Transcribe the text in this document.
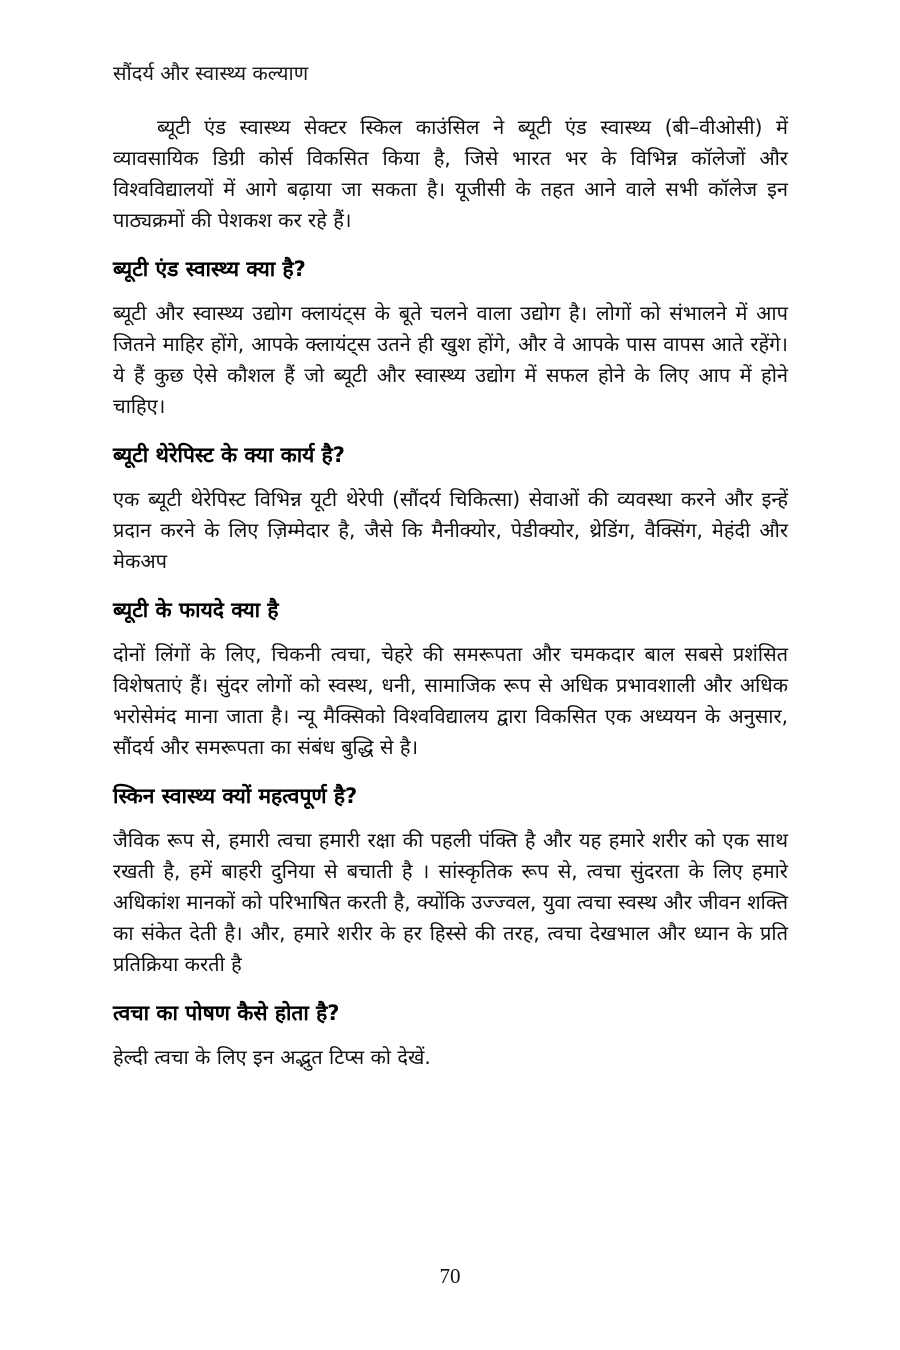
सौंदर्य और स्वास्थ्य कल्याण

ब्यूटी एंड स्वास्थ्य सेक्टर स्किल काउंसिल ने ब्यूटी एंड स्वास्थ्य (बी–वीओसी) में व्यावसायिक डिग्री कोर्स विकसित किया है, जिसे भारत भर के विभिन्न कॉलेजों और विश्वविद्यालयों में आगे बढ़ाया जा सकता है। यूजीसी के तहत आने वाले सभी कॉलेज इन पाठ्यक्रमों की पेशकश कर रहे हैं।

ब्यूटी एंड स्वास्थ्य क्या है?

ब्यूटी और स्वास्थ्य उद्योग क्लायंट्स के बूते चलने वाला उद्योग है। लोगों को संभालने में आप जितने माहिर होंगे, आपके क्लायंट्स उतने ही खुश होंगे, और वे आपके पास वापस आते रहेंगे। ये हैं कुछ ऐसे कौशल हैं जो ब्यूटी और स्वास्थ्य उद्योग में सफल होने के लिए आप में होने चाहिए।

ब्यूटी थेरेपिस्ट के क्या कार्य है?

एक ब्यूटी थेरेपिस्ट विभिन्न यूटी थेरेपी (सौंदर्य चिकित्सा) सेवाओं की व्यवस्था करने और इन्हें प्रदान करने के लिए ज़िम्मेदार है, जैसे कि मैनीक्योर, पेडीक्योर, थ्रेडिंग, वैक्सिंग, मेहंदी और मेकअप

ब्यूटी के फायदे क्या है

दोनों लिंगों के लिए, चिकनी त्वचा, चेहरे की समरूपता और चमकदार बाल सबसे प्रशंसित विशेषताएं हैं। सुंदर लोगों को स्वस्थ, धनी, सामाजिक रूप से अधिक प्रभावशाली और अधिक भरोसेमंद माना जाता है। न्यू मैक्सिको विश्वविद्यालय द्वारा विकसित एक अध्ययन के अनुसार, सौंदर्य और समरूपता का संबंध बुद्धि से है।

स्किन स्वास्थ्य क्यों महत्वपूर्ण है?

जैविक रूप से, हमारी त्वचा हमारी रक्षा की पहली पंक्ति है और यह हमारे शरीर को एक साथ रखती है, हमें बाहरी दुनिया से बचाती है । सांस्कृतिक रूप से, त्वचा सुंदरता के लिए हमारे अधिकांश मानकों को परिभाषित करती है, क्योंकि उज्ज्वल, युवा त्वचा स्वस्थ और जीवन शक्ति का संकेत देती है। और, हमारे शरीर के हर हिस्से की तरह, त्वचा देखभाल और ध्यान के प्रति प्रतिक्रिया करती है

त्वचा का पोषण कैसे होता है?

हेल्दी त्वचा के लिए इन अद्भुत टिप्स को देखें.

70
